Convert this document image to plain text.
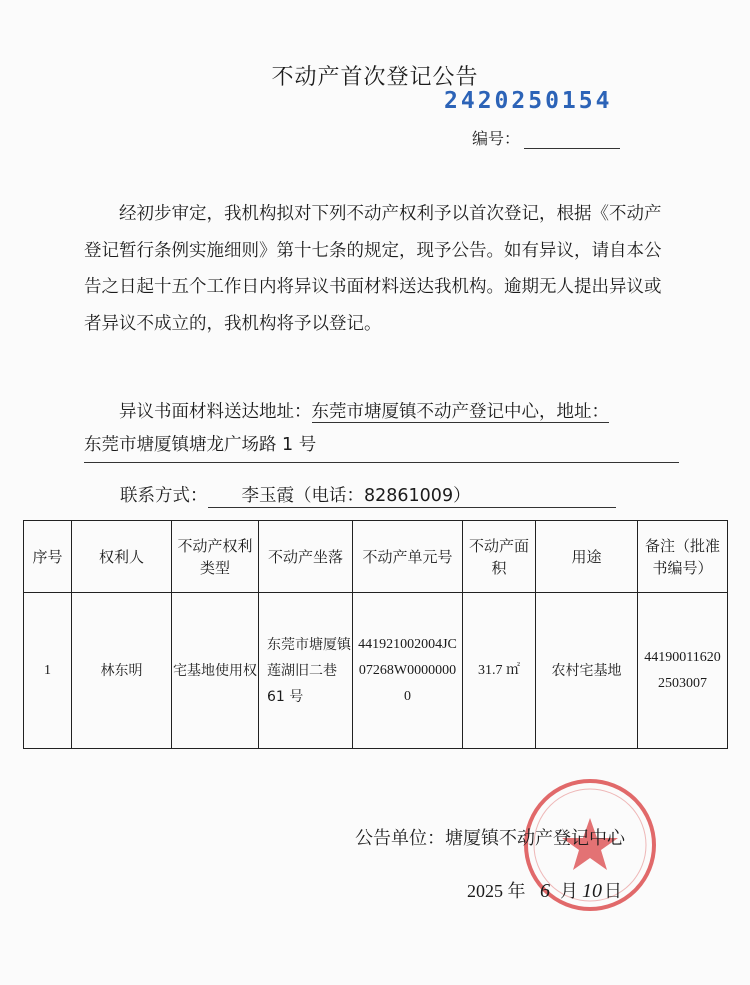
不动产首次登记公告
2420250154
编号：

经初步审定，我机构拟对下列不动产权利予以首次登记，根据《不动产登记暂行条例实施细则》第十七条的规定，现予公告。如有异议，请自本公告之日起十五个工作日内将异议书面材料送达我机构。逾期无人提出异议或者异议不成立的，我机构将予以登记。

异议书面材料送达地址：东莞市塘厦镇不动产登记中心，地址：
东莞市塘厦镇塘龙广场路 1 号
联系方式： 李玉霞（电话：82861009）
序号	权利人	不动产权利类型	不动产坐落	不动产单元号	不动产面积	用途	备注（批准书编号）
1	林东明	宅基地使用权	东莞市塘厦镇莲湖旧二巷 61 号	441921002004JC07268W00000000	31.7 ㎡	农村宅基地	441900116202503007
公告单位：塘厦镇不动产登记中心
2025 年 6 月 10 日
